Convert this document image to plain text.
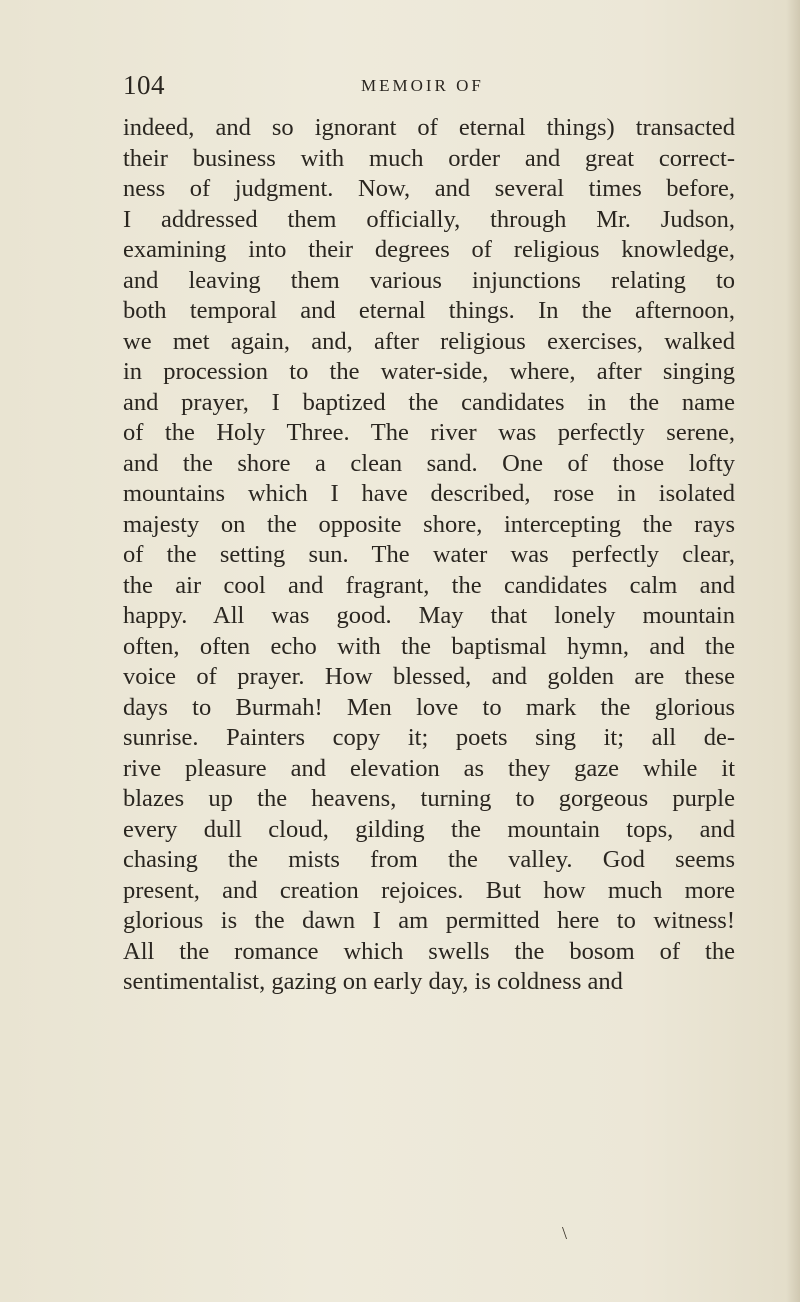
104	MEMOIR OF
indeed, and so ignorant of eternal things) transacted
their business with much order and great correct-
ness of judgment. Now, and several times before,
I addressed them officially, through Mr. Judson,
examining into their degrees of religious knowledge,
and leaving them various injunctions relating to
both temporal and eternal things. In the afternoon,
we met again, and, after religious exercises, walked
in procession to the water-side, where, after singing
and prayer, I baptized the candidates in the name
of the Holy Three. The river was perfectly serene,
and the shore a clean sand. One of those lofty
mountains which I have described, rose in isolated
majesty on the opposite shore, intercepting the rays
of the setting sun. The water was perfectly clear,
the air cool and fragrant, the candidates calm and
happy. All was good. May that lonely mountain
often, often echo with the baptismal hymn, and the
voice of prayer. How blessed, and golden are these
days to Burmah! Men love to mark the glorious
sunrise. Painters copy it; poets sing it; all de-
rive pleasure and elevation as they gaze while it
blazes up the heavens, turning to gorgeous purple
every dull cloud, gilding the mountain tops, and
chasing the mists from the valley. God seems
present, and creation rejoices. But how much more
glorious is the dawn I am permitted here to witness!
All the romance which swells the bosom of the
sentimentalist, gazing on early day, is coldness and
\
